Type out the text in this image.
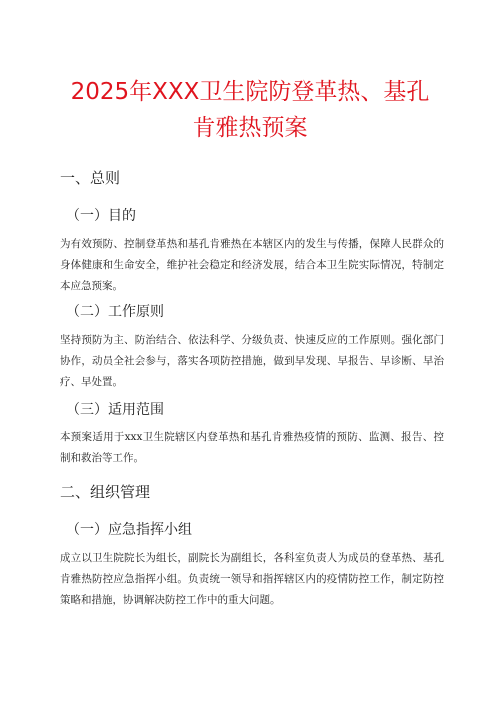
2025年XXX卫生院防登革热、基孔
肯雅热预案
一、总则
（一）目的
为有效预防、控制登革热和基孔肯雅热在本辖区内的发生与传播，保障人民群众的身体健康和生命安全，维护社会稳定和经济发展，结合本卫生院实际情况，特制定本应急预案。
（二）工作原则
坚持预防为主、防治结合、依法科学、分级负责、快速反应的工作原则。强化部门协作，动员全社会参与，落实各项防控措施，做到早发现、早报告、早诊断、早治疗、早处置。
（三）适用范围
本预案适用于xxx卫生院辖区内登革热和基孔肯雅热疫情的预防、监测、报告、控制和救治等工作。
二、组织管理
（一）应急指挥小组
成立以卫生院院长为组长，副院长为副组长，各科室负责人为成员的登革热、基孔肯雅热防控应急指挥小组。负责统一领导和指挥辖区内的疫情防控工作，制定防控策略和措施，协调解决防控工作中的重大问题。
